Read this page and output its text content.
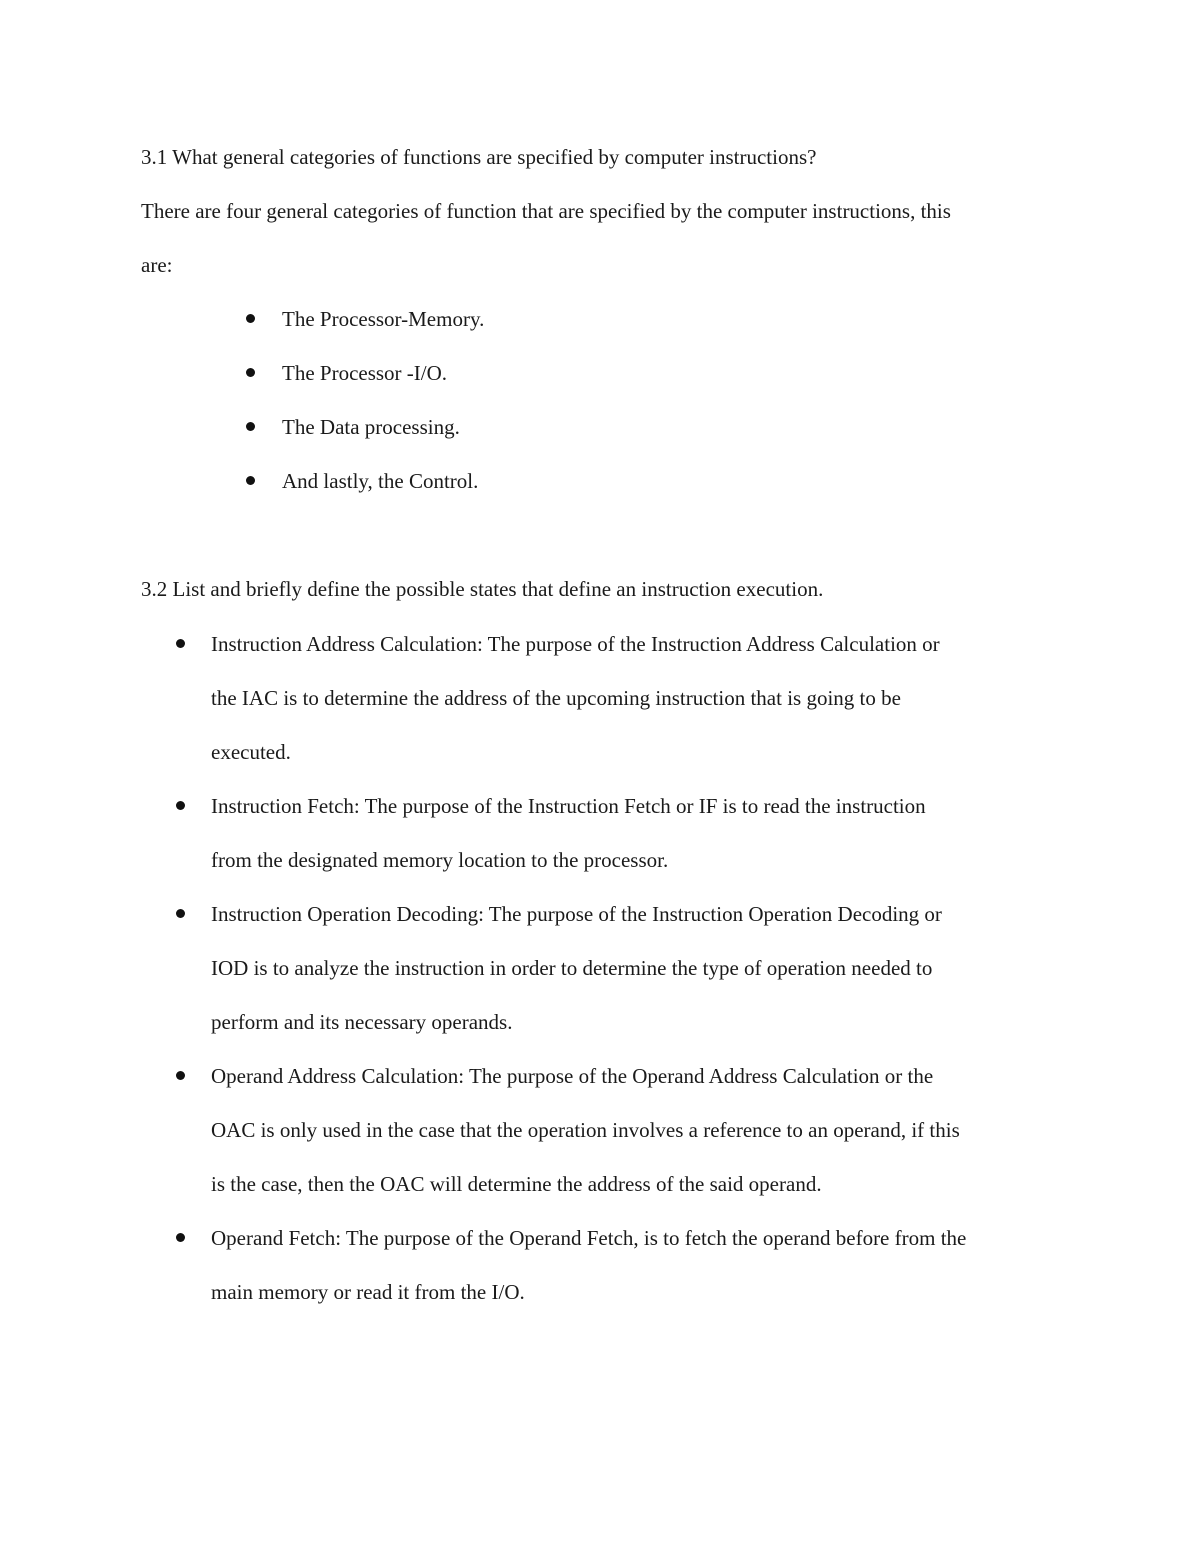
3.1 What general categories of functions are specified by computer instructions?

There are four general categories of function that are specified by the computer instructions, this

are:

The Processor-Memory.

The Processor -I/O.

The Data processing.

And lastly, the Control.

3.2 List and briefly define the possible states that define an instruction execution.

Instruction Address Calculation: The purpose of the Instruction Address Calculation or

the IAC is to determine the address of the upcoming instruction that is going to be

executed.

Instruction Fetch: The purpose of the Instruction Fetch or IF is to read the instruction

from the designated memory location to the processor.

Instruction Operation Decoding: The purpose of the Instruction Operation Decoding or

IOD is to analyze the instruction in order to determine the type of operation needed to

perform and its necessary operands.

Operand Address Calculation: The purpose of the Operand Address Calculation or the

OAC is only used in the case that the operation involves a reference to an operand, if this

is the case, then the OAC will determine the address of the said operand.

Operand Fetch: The purpose of the Operand Fetch, is to fetch the operand before from the

main memory or read it from the I/O.
